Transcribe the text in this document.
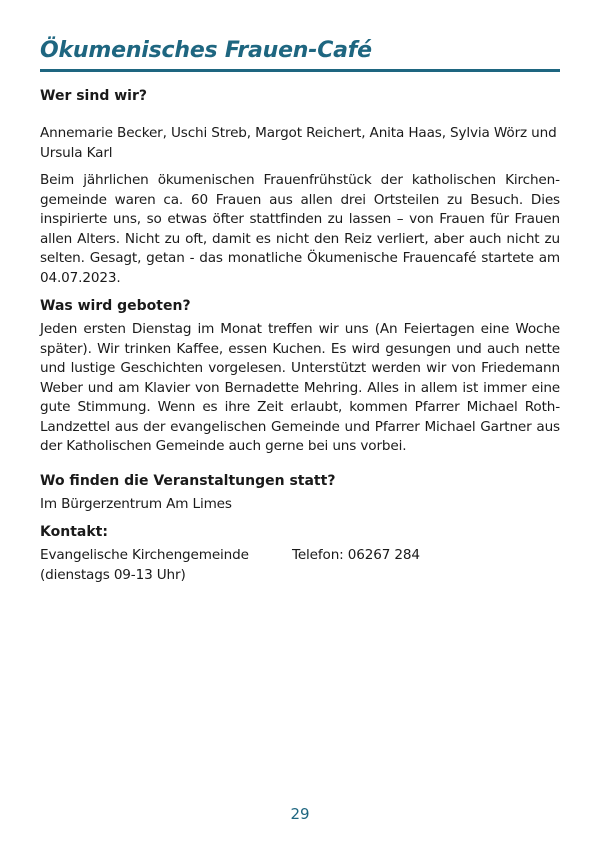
Ökumenisches Frauen-Café
Wer sind wir?

Annemarie Becker, Uschi Streb, Margot Reichert, Anita Haas, Sylvia Wörz und Ursula Karl

Beim jährlichen ökumenischen Frauenfrühstück der katholischen Kirchengemeinde waren ca. 60 Frauen aus allen drei Ortsteilen zu Besuch. Dies inspirierte uns, so etwas öfter stattfinden zu lassen – von Frauen für Frauen allen Alters. Nicht zu oft, damit es nicht den Reiz verliert, aber auch nicht zu selten. Gesagt, getan - das monatliche Ökumenische Frauencafé startete am 04.07.2023.

Was wird geboten?

Jeden ersten Dienstag im Monat treffen wir uns (An Feiertagen eine Woche später). Wir trinken Kaffee, essen Kuchen. Es wird gesungen und auch nette und lustige Geschichten vorgelesen. Unterstützt werden wir von Friedemann Weber und am Klavier von Bernadette Mehring. Alles in allem ist immer eine gute Stimmung. Wenn es ihre Zeit erlaubt, kommen Pfarrer Michael Roth-Landzettel aus der evangelischen Gemeinde und Pfarrer Michael Gartner aus der Katholischen Gemeinde auch gerne bei uns vorbei.

Wo finden die Veranstaltungen statt?

Im Bürgerzentrum Am Limes

Kontakt:
Evangelische Kirchengemeinde
(dienstags 09-13 Uhr)
Telefon: 06267 284
29
